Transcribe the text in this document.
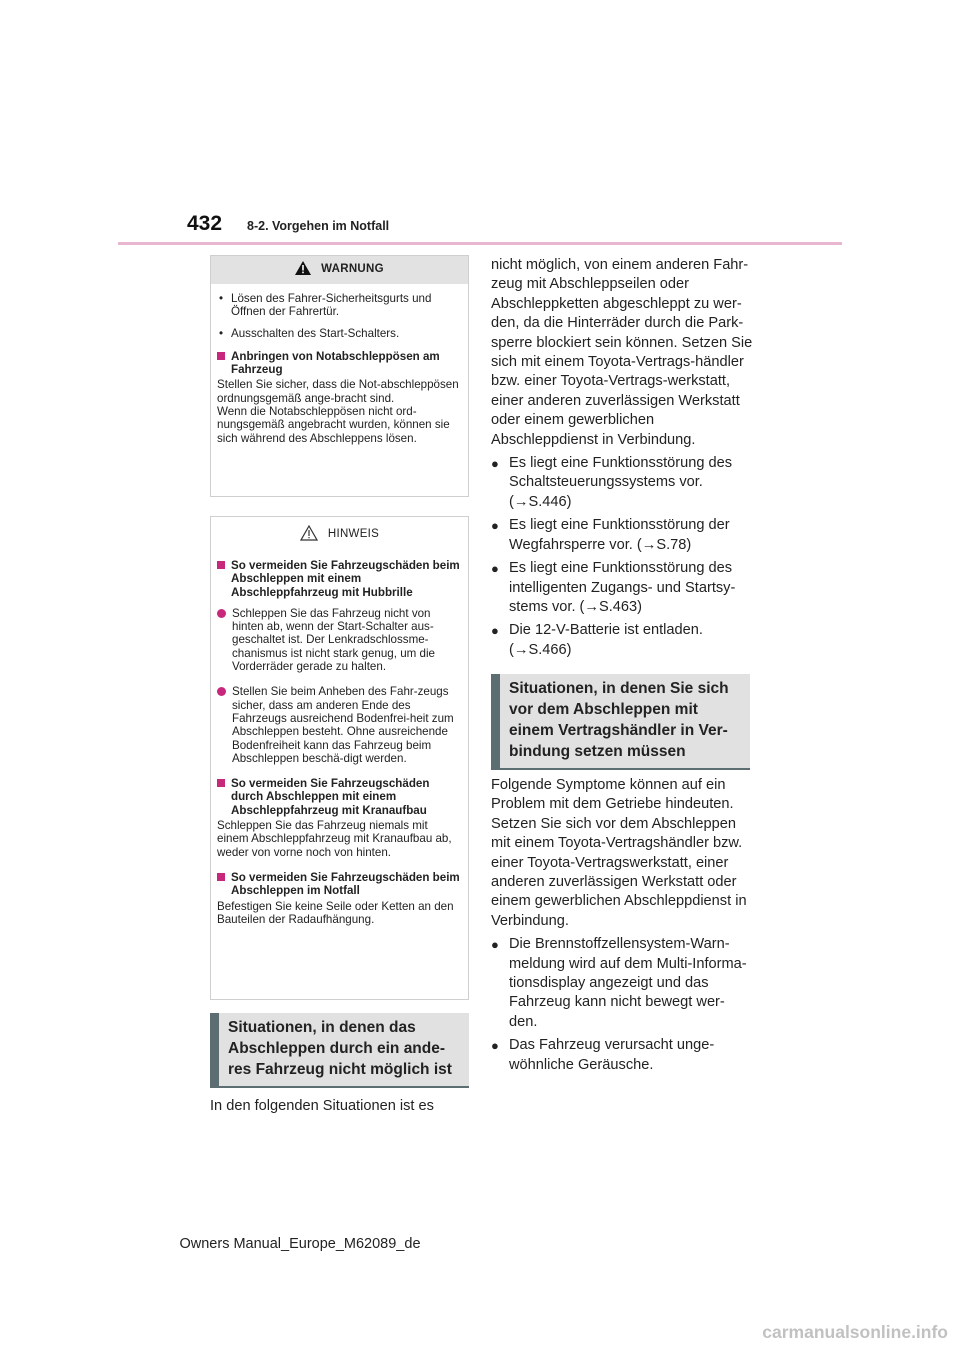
432 8-2. Vorgehen im Notfall
WARNUNG
• Lösen des Fahrer-Sicherheitsgurts und Öffnen der Fahrertür.
• Ausschalten des Start-Schalters.
Anbringen von Notabschleppösen am Fahrzeug
Stellen Sie sicher, dass die Not-abschleppösen ordnungsgemäß ange-bracht sind.
Wenn die Notabschleppösen nicht ord-nungsgemäß angebracht wurden, können sie sich während des Abschleppens lösen.
HINWEIS
So vermeiden Sie Fahrzeugschäden beim Abschleppen mit einem Abschleppfahrzeug mit Hubbrille
Schleppen Sie das Fahrzeug nicht von hinten ab, wenn der Start-Schalter aus-geschaltet ist. Der Lenkradschlossme-chanismus ist nicht stark genug, um die Vorderräder gerade zu halten.
Stellen Sie beim Anheben des Fahr-zeugs sicher, dass am anderen Ende des Fahrzeugs ausreichend Bodenfrei-heit zum Abschleppen besteht. Ohne ausreichende Bodenfreiheit kann das Fahrzeug beim Abschleppen beschä-digt werden.
So vermeiden Sie Fahrzeugschäden durch Abschleppen mit einem Abschleppfahrzeug mit Kranaufbau
Schleppen Sie das Fahrzeug niemals mit einem Abschleppfahrzeug mit Kranaufbau ab, weder von vorne noch von hinten.
So vermeiden Sie Fahrzeugschäden beim Abschleppen im Notfall
Befestigen Sie keine Seile oder Ketten an den Bauteilen der Radaufhängung.
Situationen, in denen das Abschleppen durch ein ande-res Fahrzeug nicht möglich ist
In den folgenden Situationen ist es
nicht möglich, von einem anderen Fahr-zeug mit Abschleppseilen oder Abschleppketten abgeschleppt zu wer-den, da die Hinterräder durch die Park-sperre blockiert sein können. Setzen Sie sich mit einem Toyota-Vertrags-händler bzw. einer Toyota-Vertrags-werkstatt, einer anderen zuverlässigen Werkstatt oder einem gewerblichen Abschleppdienst in Verbindung.
● Es liegt eine Funktionsstörung des Schaltsteuerungssystems vor. (→S.446)
● Es liegt eine Funktionsstörung der Wegfahrsperre vor. (→S.78)
● Es liegt eine Funktionsstörung des intelligenten Zugangs- und Startsy-stems vor. (→S.463)
● Die 12-V-Batterie ist entladen. (→S.466)
Situationen, in denen Sie sich vor dem Abschleppen mit einem Vertragshändler in Ver-bindung setzen müssen
Folgende Symptome können auf ein Problem mit dem Getriebe hindeuten. Setzen Sie sich vor dem Abschleppen mit einem Toyota-Vertragshändler bzw. einer Toyota-Vertragswerkstatt, einer anderen zuverlässigen Werkstatt oder einem gewerblichen Abschleppdienst in Verbindung.
● Die Brennstoffzellensystem-Warn-meldung wird auf dem Multi-Informa-tionsdisplay angezeigt und das Fahrzeug kann nicht bewegt wer-den.
● Das Fahrzeug verursacht unge-wöhnliche Geräusche.
Owners Manual_Europe_M62089_de
carmanualsonline.info
